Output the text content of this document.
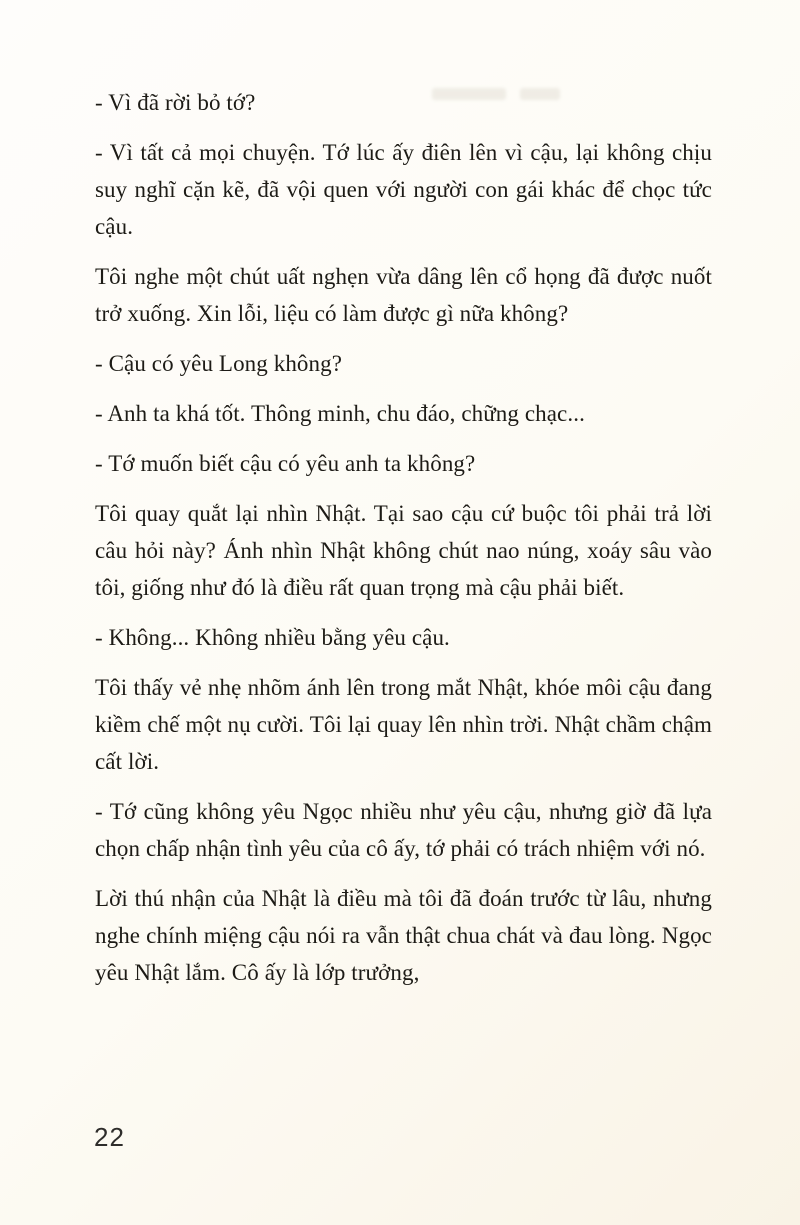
- Vì đã rời bỏ tớ?

- Vì tất cả mọi chuyện. Tớ lúc ấy điên lên vì cậu, lại không chịu suy nghĩ cặn kẽ, đã vội quen với người con gái khác để chọc tức cậu.

Tôi nghe một chút uất nghẹn vừa dâng lên cổ họng đã được nuốt trở xuống. Xin lỗi, liệu có làm được gì nữa không?

- Cậu có yêu Long không?

- Anh ta khá tốt. Thông minh, chu đáo, chững chạc...

- Tớ muốn biết cậu có yêu anh ta không?

Tôi quay quắt lại nhìn Nhật. Tại sao cậu cứ buộc tôi phải trả lời câu hỏi này? Ánh nhìn Nhật không chút nao núng, xoáy sâu vào tôi, giống như đó là điều rất quan trọng mà cậu phải biết.

- Không... Không nhiều bằng yêu cậu.

Tôi thấy vẻ nhẹ nhõm ánh lên trong mắt Nhật, khóe môi cậu đang kiềm chế một nụ cười. Tôi lại quay lên nhìn trời. Nhật chầm chậm cất lời.

- Tớ cũng không yêu Ngọc nhiều như yêu cậu, nhưng giờ đã lựa chọn chấp nhận tình yêu của cô ấy, tớ phải có trách nhiệm với nó.

Lời thú nhận của Nhật là điều mà tôi đã đoán trước từ lâu, nhưng nghe chính miệng cậu nói ra vẫn thật chua chát và đau lòng. Ngọc yêu Nhật lắm. Cô ấy là lớp trưởng,

22
